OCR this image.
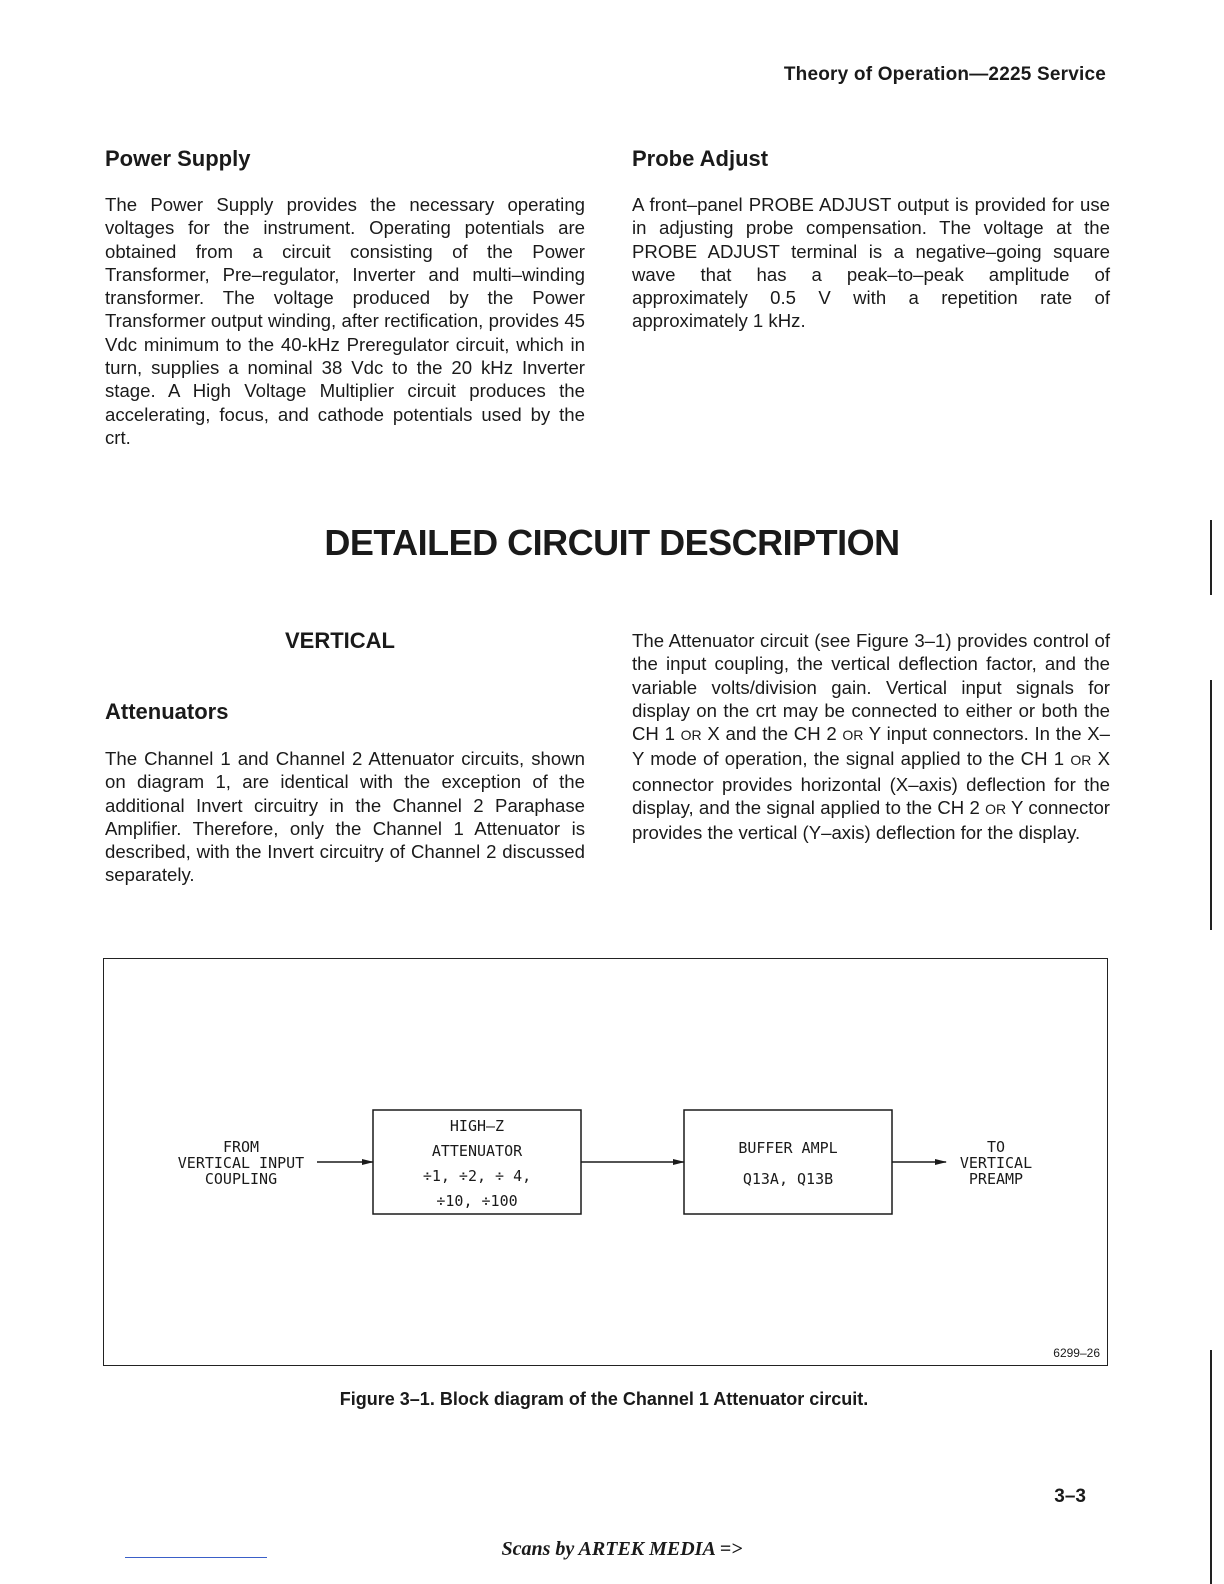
Theory of Operation—2225 Service
Power Supply
The Power Supply provides the necessary operating voltages for the instrument. Operating potentials are obtained from a circuit consisting of the Power Transformer, Pre–regulator, Inverter and multi–winding transformer. The voltage produced by the Power Transformer output winding, after rectification, provides 45 Vdc minimum to the 40-kHz Preregulator circuit, which in turn, supplies a nominal 38 Vdc to the 20 kHz Inverter stage. A High Voltage Multiplier circuit produces the accelerating, focus, and cathode potentials used by the crt.
Probe Adjust
A front–panel PROBE ADJUST output is provided for use in adjusting probe compensation. The voltage at the PROBE ADJUST terminal is a negative–going square wave that has a peak–to–peak amplitude of approximately 0.5 V with a repetition rate of approximately 1 kHz.
DETAILED CIRCUIT DESCRIPTION
VERTICAL
Attenuators
The Channel 1 and Channel 2 Attenuator circuits, shown on diagram 1, are identical with the exception of the additional Invert circuitry in the Channel 2 Paraphase Amplifier. Therefore, only the Channel 1 Attenuator is described, with the Invert circuitry of Channel 2 discussed separately.
The Attenuator circuit (see Figure 3–1) provides control of the input coupling, the vertical deflection factor, and the variable volts/division gain. Vertical input signals for display on the crt may be connected to either or both the CH 1 OR X and the CH 2 OR Y input connectors. In the X–Y mode of operation, the signal applied to the CH 1 OR X connector provides horizontal (X–axis) deflection for the display, and the signal applied to the CH 2 OR Y connector provides the vertical (Y–axis) deflection for the display.
FROM
VERTICAL INPUT
COUPLING
HIGH–Z
ATTENUATOR
÷1, ÷2, ÷ 4,
÷10, ÷100
BUFFER AMPL
Q13A, Q13B
TO
VERTICAL
PREAMP
6299–26
Figure 3–1. Block diagram of the Channel 1 Attenuator circuit.
3–3
Scans by ARTEK MEDIA =>
